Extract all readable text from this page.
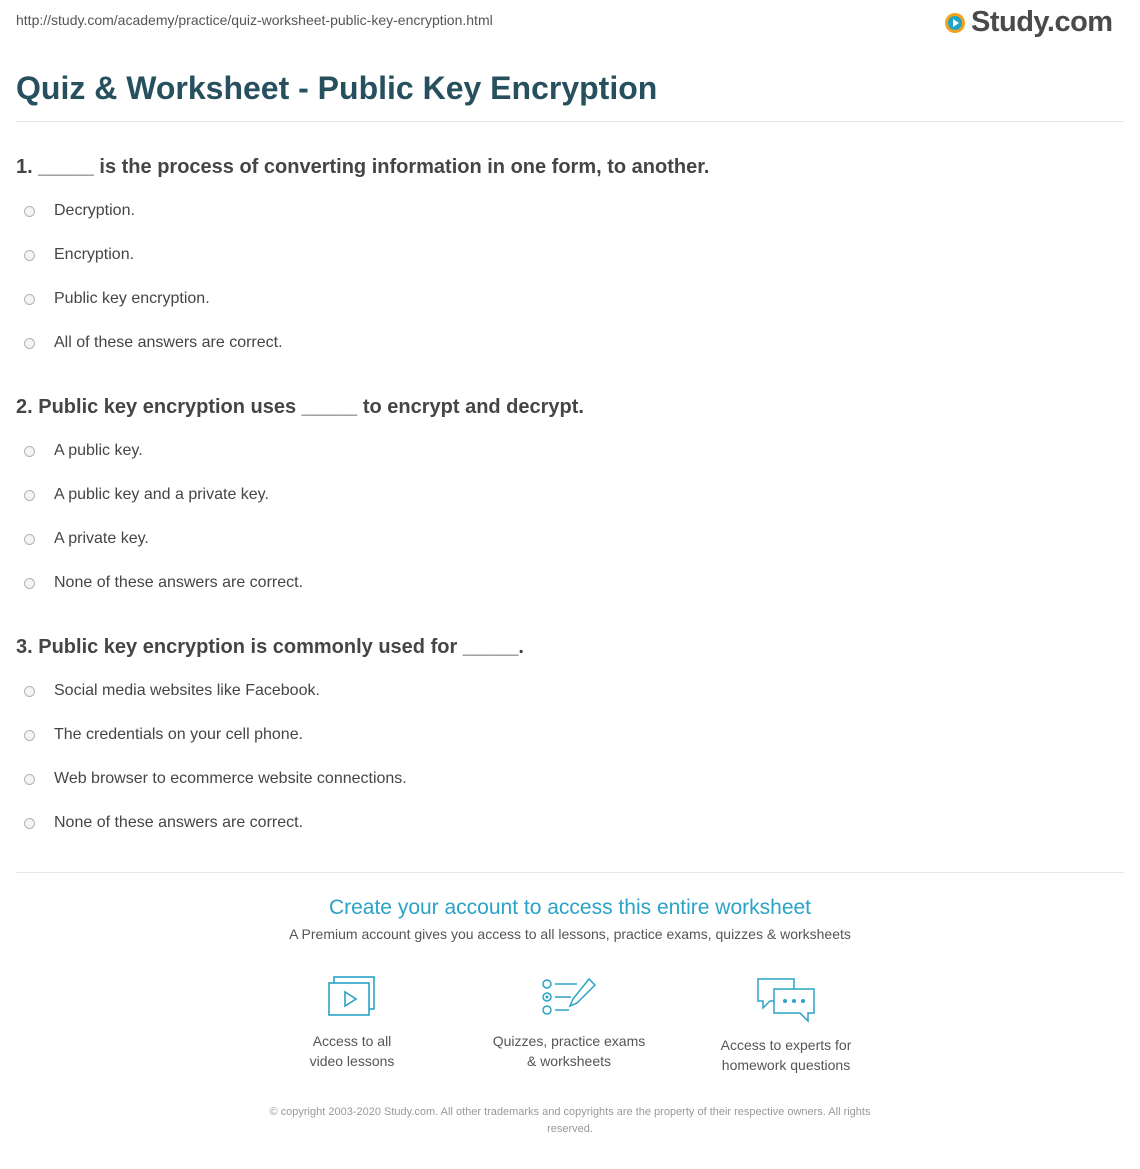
http://study.com/academy/practice/quiz-worksheet-public-key-encryption.html	Study.com
Quiz & Worksheet - Public Key Encryption

1. _____ is the process of converting information in one form, to another.

Decryption.
Encryption.
Public key encryption.
All of these answers are correct.

2. Public key encryption uses _____ to encrypt and decrypt.

A public key.
A public key and a private key.
A private key.
None of these answers are correct.

3. Public key encryption is commonly used for _____.

Social media websites like Facebook.
The credentials on your cell phone.
Web browser to ecommerce website connections.
None of these answers are correct.
Create your account to access this entire worksheet
A Premium account gives you access to all lessons, practice exams, quizzes & worksheets
Access to all
video lessons
Quizzes, practice exams
& worksheets
Access to experts for
homework questions
© copyright 2003-2020 Study.com. All other trademarks and copyrights are the property of their respective owners. All rights
reserved.
